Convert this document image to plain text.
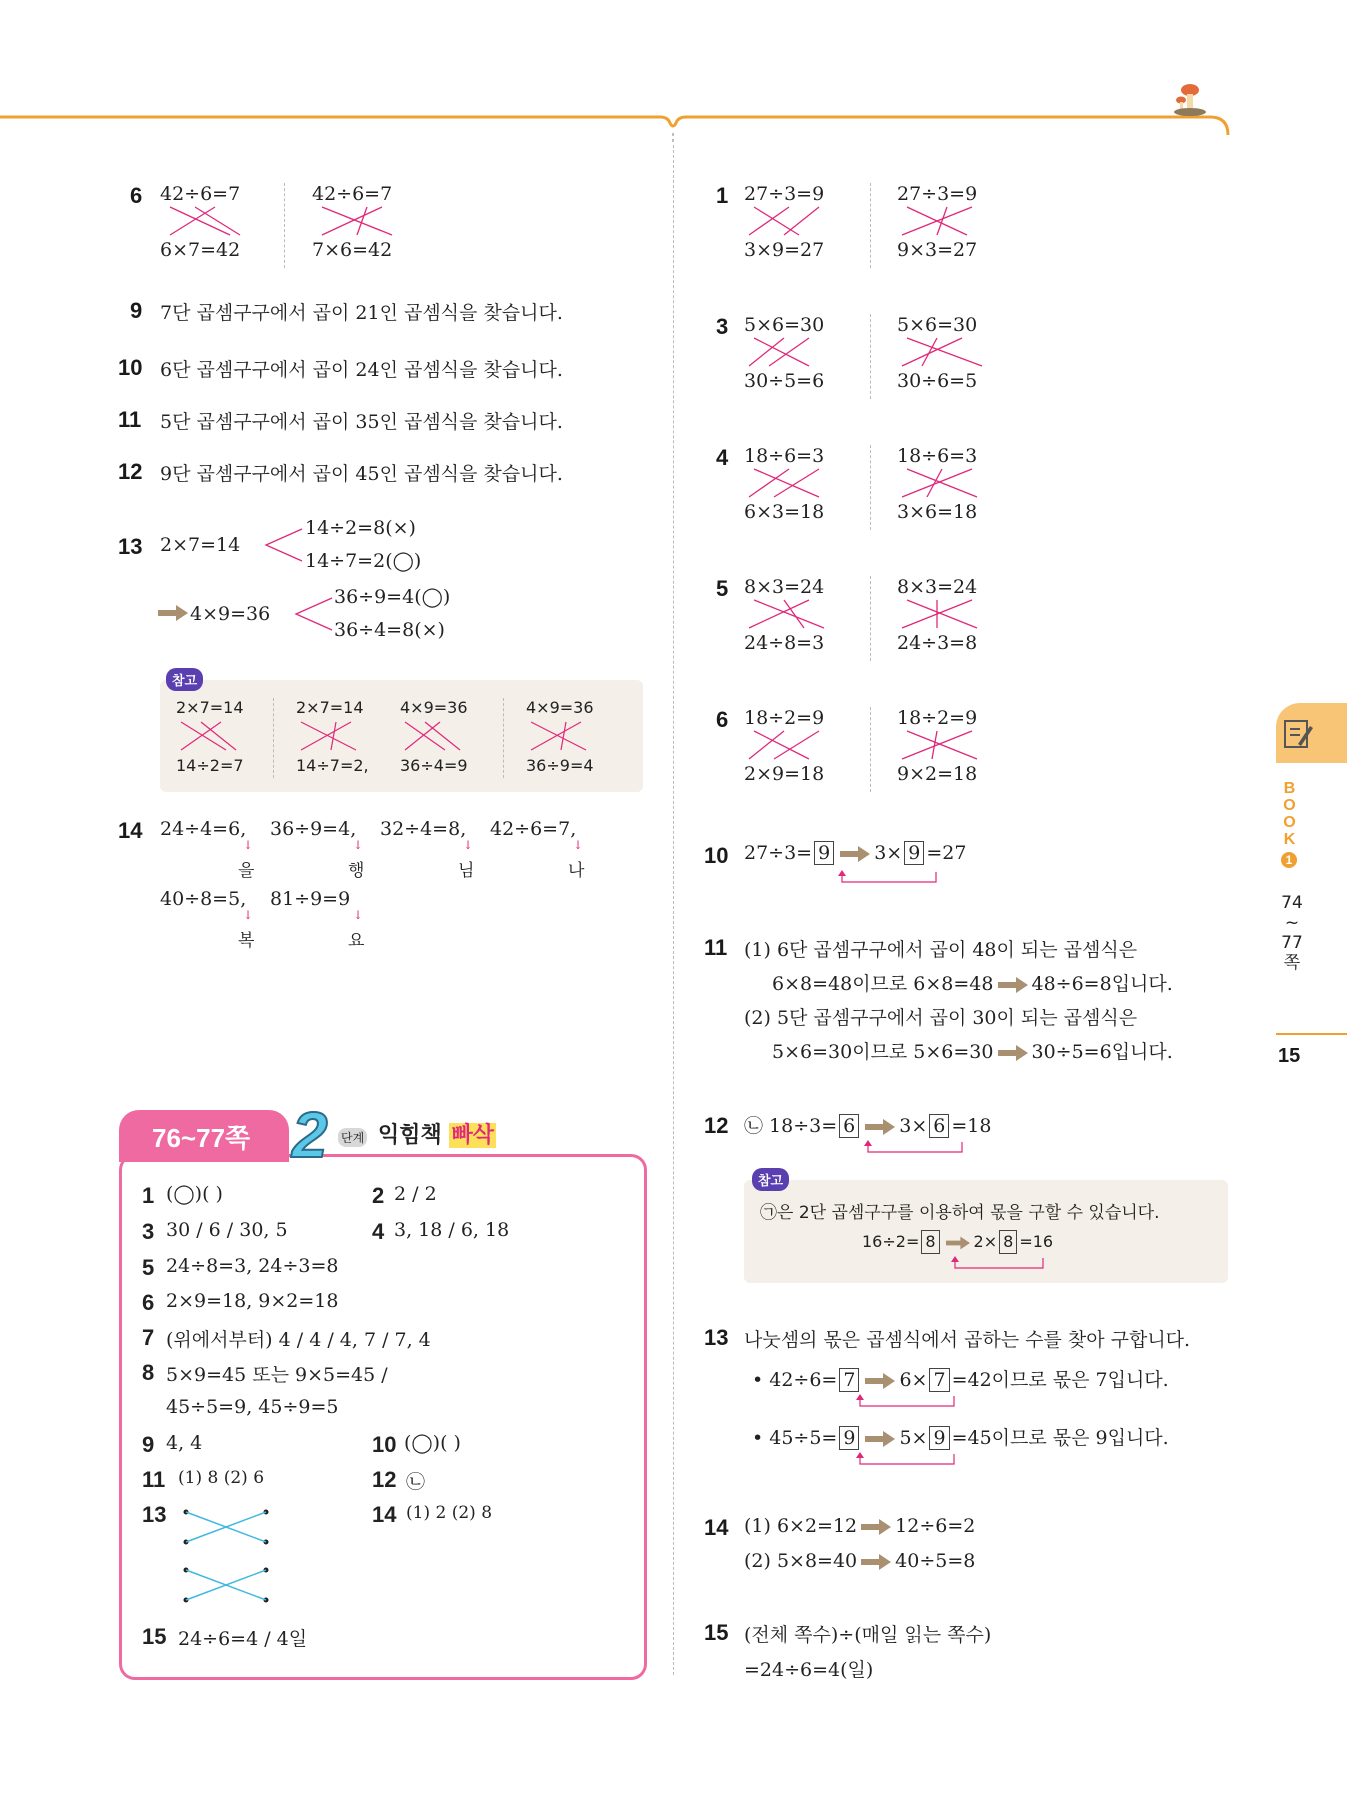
BOOK
1
74
~
77
쪽
15
6 42÷6=7
6×7=42
42÷6=7
7×6=42
9 7단 곱셈구구에서 곱이 21인 곱셈식을 찾습니다.
10 6단 곱셈구구에서 곱이 24인 곱셈식을 찾습니다.
11 5단 곱셈구구에서 곱이 35인 곱셈식을 찾습니다.
12 9단 곱셈구구에서 곱이 45인 곱셈식을 찾습니다.
13 2×7=14
14÷2=8(×)
14÷7=2(◯)
4×9=36
36÷9=4(◯)
36÷4=8(×)
참고
2×7=14
14÷2=7
2×7=14
14÷7=2,
4×9=36
36÷4=9
4×9=36
36÷9=4
14 24÷4=6, 36÷9=4, 32÷4=8, 42÷6=7,
↓	↓	↓	↓
을	행	님	나
40÷8=5, 81÷9=9
↓	↓
복	요
76~77쪽 2 단계 익힘책 빠삭
1 (◯)( )	2 2 / 2
3 30 / 6 / 30, 5	4 3, 18 / 6, 18
5 24÷8=3, 24÷3=8
6 2×9=18, 9×2=18
7 (위에서부터) 4 / 4 / 4, 7 / 7, 4
8 5×9=45 또는 9×5=45 /
45÷5=9, 45÷9=5
9 4, 4	10 (◯)( )
11 (1) 8 (2) 6	12 ㉡
13	14 (1) 2 (2) 8
15 24÷6=4 / 4일
1 27÷3=9
3×9=27
27÷3=9
9×3=27
3 5×6=30
30÷5=6
5×6=30
30÷6=5
4 18÷6=3
6×3=18
18÷6=3
3×6=18
5 8×3=24
24÷8=3
8×3=24
24÷3=8
6 18÷2=9
2×9=18
18÷2=9
9×2=18
10 27÷3= 9 3× 9 =27
11 (1) 6단 곱셈구구에서 곱이 48이 되는 곱셈식은
6×8=48이므로 6×8=48 48÷6=8입니다.
(2) 5단 곱셈구구에서 곱이 30이 되는 곱셈식은
5×6=30이므로 5×6=30 30÷5=6입니다.
12 ㉡ 18÷3= 6 3× 6 =18
참고
㉠은 2단 곱셈구구를 이용하여 몫을 구할 수 있습니다.
16÷2= 8 2× 8 =16
13 나눗셈의 몫은 곱셈식에서 곱하는 수를 찾아 구합니다.
• 42÷6= 7 6× 7 =42이므로 몫은 7입니다.
• 45÷5= 9 5× 9 =45이므로 몫은 9입니다.
14 (1) 6×2=12 12÷6=2
(2) 5×8=40 40÷5=8
15 (전체 쪽수)÷(매일 읽는 쪽수)
=24÷6=4(일)
